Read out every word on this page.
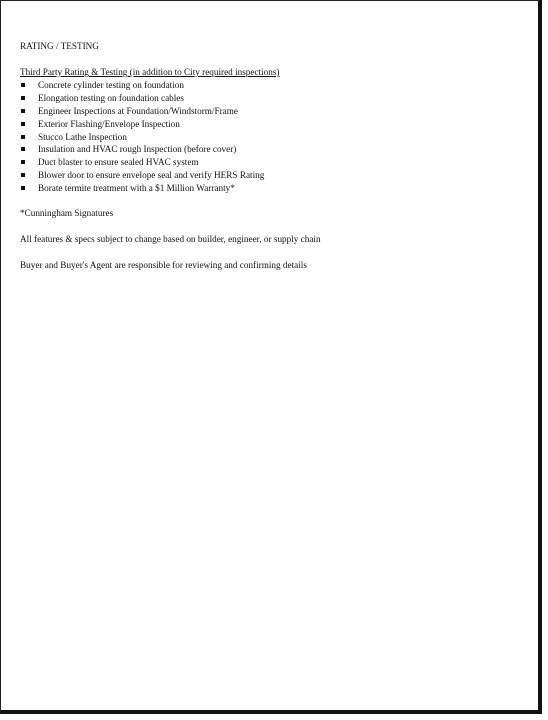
RATING / TESTING
Third Party Rating & Testing (in addition to City required inspections)
Concrete cylinder testing on foundation
Elongation testing on foundation cables
Engineer Inspections at Foundation/Windstorm/Frame
Exterior Flashing/Envelope Inspection
Stucco Lathe Inspection
Insulation and HVAC rough Inspection (before cover)
Duct blaster to ensure sealed HVAC system
Blower door to ensure envelope seal and verify HERS Rating
Borate termite treatment with a $1 Million Warranty*
*Cunningham Signatures
All features & specs subject to change based on builder, engineer, or supply chain
Buyer and Buyer's Agent are responsible for reviewing and confirming details
